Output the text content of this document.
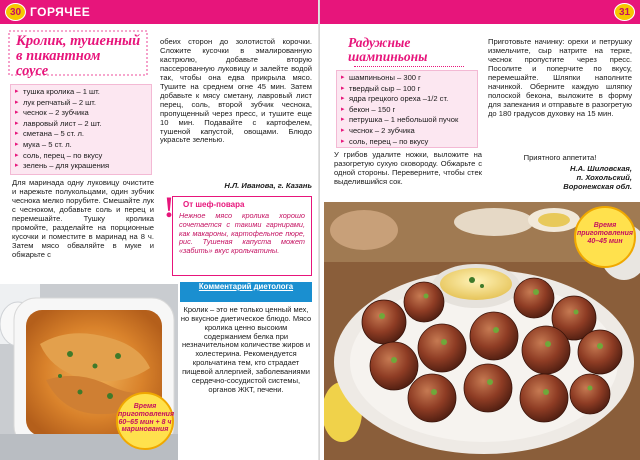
30 ГОРЯЧЕЕ
Кролик, тушенный
в пикантном
соусе
▸ тушка кролика – 1 шт.
▸ лук репчатый – 2 шт.
▸ чеснок – 2 зубчика
▸ лавровый лист – 2 шт.
▸ сметана – 5 ст. л.
▸ мука – 5 ст. л.
▸ соль, перец – по вкусу
▸ зелень – для украшения

Для маринада одну луковицу очистите и нарежьте полукольцами, один зубчик чеснока мелко порубите. Смешайте лук с чесноком, добавьте соль и перец и перемешайте. Тушку кролика промойте, разделайте на порционные кусочки и поместите в маринад на 8 ч. Затем мясо обваляйте в муке и обжарьте с

обеих сторон до золотистой корочки. Сложите кусочки в эмалированную кастрюлю, добавьте вторую пассерованную луковицу и залейте водой так, чтобы она едва прикрыла мясо. Тушите на среднем огне 45 мин. Затем добавьте к мясу сметану, лавровый лист перец, соль, второй зубчик чеснока, пропущенный через пресс, и тушите еще 10 мин. Подавайте с картофелем, тушеной капустой, овощами. Блюдо украсьте зеленью.

Н.Л. Иванова, г. Казань
!	От шеф-повара
Нежное мясо кролика хорошо сочетается с такими гарнирами, как макароны, картофельное пюре, рис. Тушеная капуста может «забить» вкус крольчатины.
Комментарий диетолога
Кролик – это не только ценный мех, но вкусное диетическое блюдо. Мясо кролика ценно высоким содержанием белка при незначительном количестве жиров и холестерина. Рекомендуется крольчатина тем, кто страдает пищевой аллергией, заболеваниями сердечно-сосудистой системы, органов ЖКТ, печени.
Время
приготовления
60–65 мин + 8 ч
маринования
31
Радужные
шампиньоны
▸ шампиньоны – 300 г
▸ твердый сыр – 100 г
▸ ядра грецкого ореха –1/2 ст.
▸ бекон – 150 г
▸ петрушка – 1 небольшой пучок
▸ чеснок – 2 зубчика
▸ соль, перец – по вкусу

У грибов удалите ножки, выложите на разогретую сухую сковороду. Обжарьте с одной стороны. Переверните, чтобы стек выделившийся сок.

Приготовьте начинку: орехи и петрушку измельчите, сыр натрите на терке, чеснок пропустите через пресс. Посолите и поперчите по вкусу, перемешайте. Шляпки наполните начинкой. Оберните каждую шляпку полоской бекона, выложите в форму для запекания и отправьте в разогретую до 180 градусов духовку на 15 мин.

Приятного аппетита!
Н.А. Шиловская,
п. Хохольский,
Воронежская обл.
Время
приготовления
40–45 мин
